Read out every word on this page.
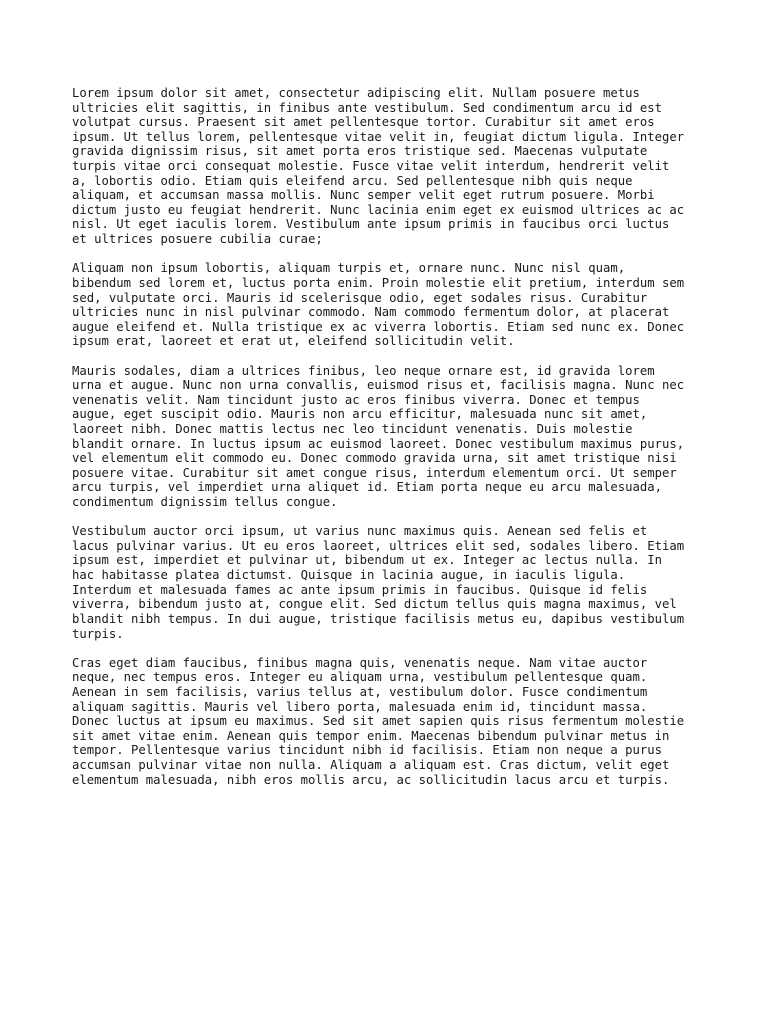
Lorem ipsum dolor sit amet, consectetur adipiscing elit. Nullam posuere metus
ultricies elit sagittis, in finibus ante vestibulum. Sed condimentum arcu id est
volutpat cursus. Praesent sit amet pellentesque tortor. Curabitur sit amet eros
ipsum. Ut tellus lorem, pellentesque vitae velit in, feugiat dictum ligula. Integer
gravida dignissim risus, sit amet porta eros tristique sed. Maecenas vulputate
turpis vitae orci consequat molestie. Fusce vitae velit interdum, hendrerit velit
a, lobortis odio. Etiam quis eleifend arcu. Sed pellentesque nibh quis neque
aliquam, et accumsan massa mollis. Nunc semper velit eget rutrum posuere. Morbi
dictum justo eu feugiat hendrerit. Nunc lacinia enim eget ex euismod ultrices ac ac
nisl. Ut eget iaculis lorem. Vestibulum ante ipsum primis in faucibus orci luctus
et ultrices posuere cubilia curae;
Aliquam non ipsum lobortis, aliquam turpis et, ornare nunc. Nunc nisl quam,
bibendum sed lorem et, luctus porta enim. Proin molestie elit pretium, interdum sem
sed, vulputate orci. Mauris id scelerisque odio, eget sodales risus. Curabitur
ultricies nunc in nisl pulvinar commodo. Nam commodo fermentum dolor, at placerat
augue eleifend et. Nulla tristique ex ac viverra lobortis. Etiam sed nunc ex. Donec
ipsum erat, laoreet et erat ut, eleifend sollicitudin velit.
Mauris sodales, diam a ultrices finibus, leo neque ornare est, id gravida lorem
urna et augue. Nunc non urna convallis, euismod risus et, facilisis magna. Nunc nec
venenatis velit. Nam tincidunt justo ac eros finibus viverra. Donec et tempus
augue, eget suscipit odio. Mauris non arcu efficitur, malesuada nunc sit amet,
laoreet nibh. Donec mattis lectus nec leo tincidunt venenatis. Duis molestie
blandit ornare. In luctus ipsum ac euismod laoreet. Donec vestibulum maximus purus,
vel elementum elit commodo eu. Donec commodo gravida urna, sit amet tristique nisi
posuere vitae. Curabitur sit amet congue risus, interdum elementum orci. Ut semper
arcu turpis, vel imperdiet urna aliquet id. Etiam porta neque eu arcu malesuada,
condimentum dignissim tellus congue.
Vestibulum auctor orci ipsum, ut varius nunc maximus quis. Aenean sed felis et
lacus pulvinar varius. Ut eu eros laoreet, ultrices elit sed, sodales libero. Etiam
ipsum est, imperdiet et pulvinar ut, bibendum ut ex. Integer ac lectus nulla. In
hac habitasse platea dictumst. Quisque in lacinia augue, in iaculis ligula.
Interdum et malesuada fames ac ante ipsum primis in faucibus. Quisque id felis
viverra, bibendum justo at, congue elit. Sed dictum tellus quis magna maximus, vel
blandit nibh tempus. In dui augue, tristique facilisis metus eu, dapibus vestibulum
turpis.
Cras eget diam faucibus, finibus magna quis, venenatis neque. Nam vitae auctor
neque, nec tempus eros. Integer eu aliquam urna, vestibulum pellentesque quam.
Aenean in sem facilisis, varius tellus at, vestibulum dolor. Fusce condimentum
aliquam sagittis. Mauris vel libero porta, malesuada enim id, tincidunt massa.
Donec luctus at ipsum eu maximus. Sed sit amet sapien quis risus fermentum molestie
sit amet vitae enim. Aenean quis tempor enim. Maecenas bibendum pulvinar metus in
tempor. Pellentesque varius tincidunt nibh id facilisis. Etiam non neque a purus
accumsan pulvinar vitae non nulla. Aliquam a aliquam est. Cras dictum, velit eget
elementum malesuada, nibh eros mollis arcu, ac sollicitudin lacus arcu et turpis.
